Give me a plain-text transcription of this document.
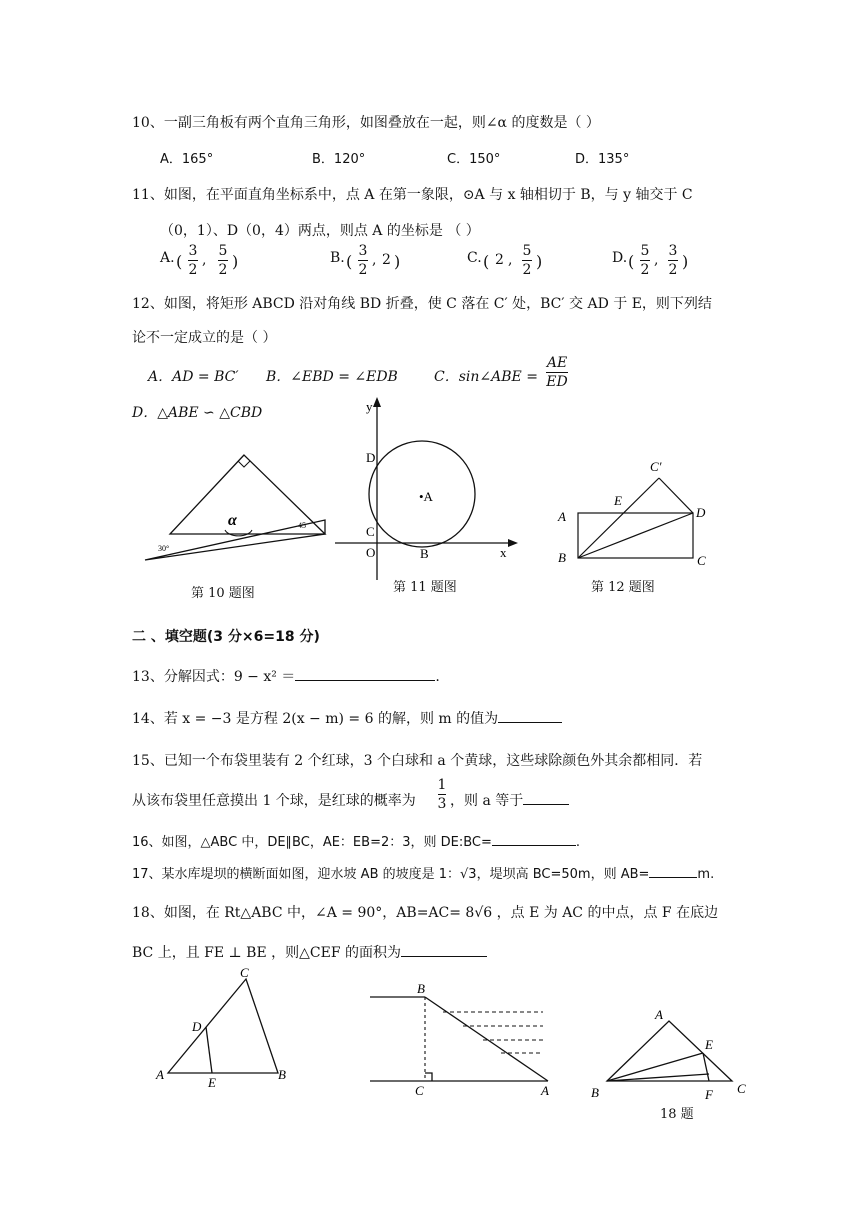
10、一副三角板有两个直角三角形，如图叠放在一起，则∠α 的度数是（ ）
A．165°	B．120°	C．150°	D．135°
11、如图，在平面直角坐标系中，点 A 在第一象限，⊙A 与 x 轴相切于 B，与 y 轴交于 C
（0，1）、D（0，4）两点，则点 A 的坐标是 （ ）
A. (
3
2
,
5
2 )	B. (
3
2
, 2 )	C. ( 2 ,
5
2 )	D. (
5
2
,
3
2 )
12、如图，将矩形 ABCD 沿对角线 BD 折叠，使 C 落在 C′ 处，BC′ 交 AD 于 E，则下列结
论不一定成立的是（ ）
A．AD = BC′ B．∠EBD = ∠EDB	C．sin∠ABE =
AE
ED
D．△ABE ∽ △CBD
α
30°
45
第 10 题图
y
x
D
C
O	B
•A
第 11 题图
C′
E
A	D
B	C
第 12 题图
二 、填空题(3 分×6=18 分)
13、分解因式：9 − x² ＝	.
14、若 x = −3 是方程 2(x − m) = 6 的解，则 m 的值为
15、已知一个布袋里装有 2 个红球，3 个白球和 a 个黄球，这些球除颜色外其余都相同．若
从该布袋里任意摸出 1 个球，是红球的概率为
1
3 ，则 a 等于
16、如图，△ABC 中，DE∥BC，AE：EB=2：3，则 DE:BC=	.
17、某水库堤坝的横断面如图，迎水坡 AB 的坡度是 1：√3，堤坝高 BC=50m，则 AB=	m.
18、如图，在 Rt△ABC 中，∠A = 90°，AB=AC= 8√6 ，点 E 为 AC 的中点，点 F 在底边
BC 上，且 FE ⊥ BE ，则△CEF 的面积为
C
D
A
E
B
B
C	A
A
E
B	F C
18 题
